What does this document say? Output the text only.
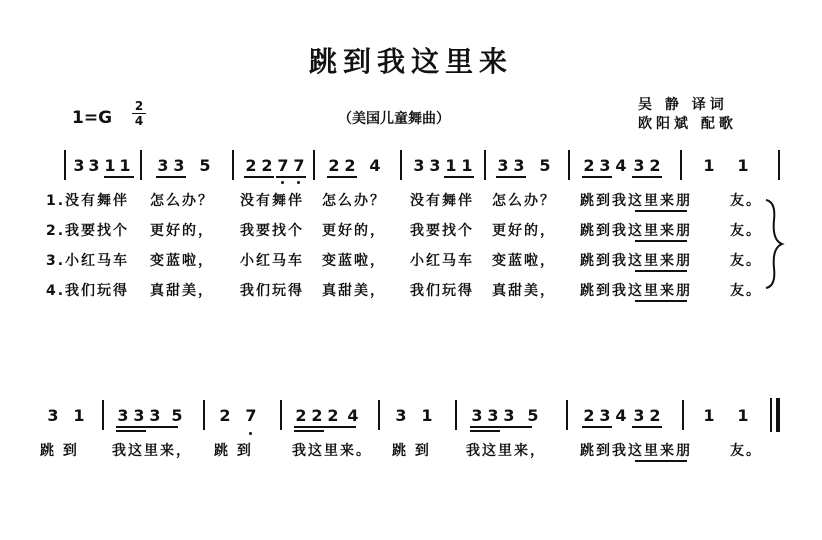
跳到我这里来
1=G
2
4	（美国儿童舞曲）
吴 静 译词
欧阳斌 配歌
3 3 1 1 3 3 5 2 2 7 7 2 2 4 3 3 1 1 3 3 5 2 3 4 3 2	1 1
1.没有舞伴 怎么办？ 没有舞伴 怎么办？ 没有舞伴 怎么办？ 跳到我这里来朋	友。
2.我要找个 更好的， 我要找个 更好的， 我要找个 更好的， 跳到我这里来朋	友。
3.小红马车 变蓝啦， 小红马车 变蓝啦， 小红马车 变蓝啦， 跳到我这里来朋	友。
4.我们玩得 真甜美， 我们玩得 真甜美， 我们玩得 真甜美， 跳到我这里来朋	友。
3 1 3 3 3 5 2 7 2 2 2 4 3 1 3 3 3 5	2 3 4 3 2	1 1
跳 到 我这里来， 跳 到	我这里来。 跳 到	我这里来， 跳到我这里来朋	友。
